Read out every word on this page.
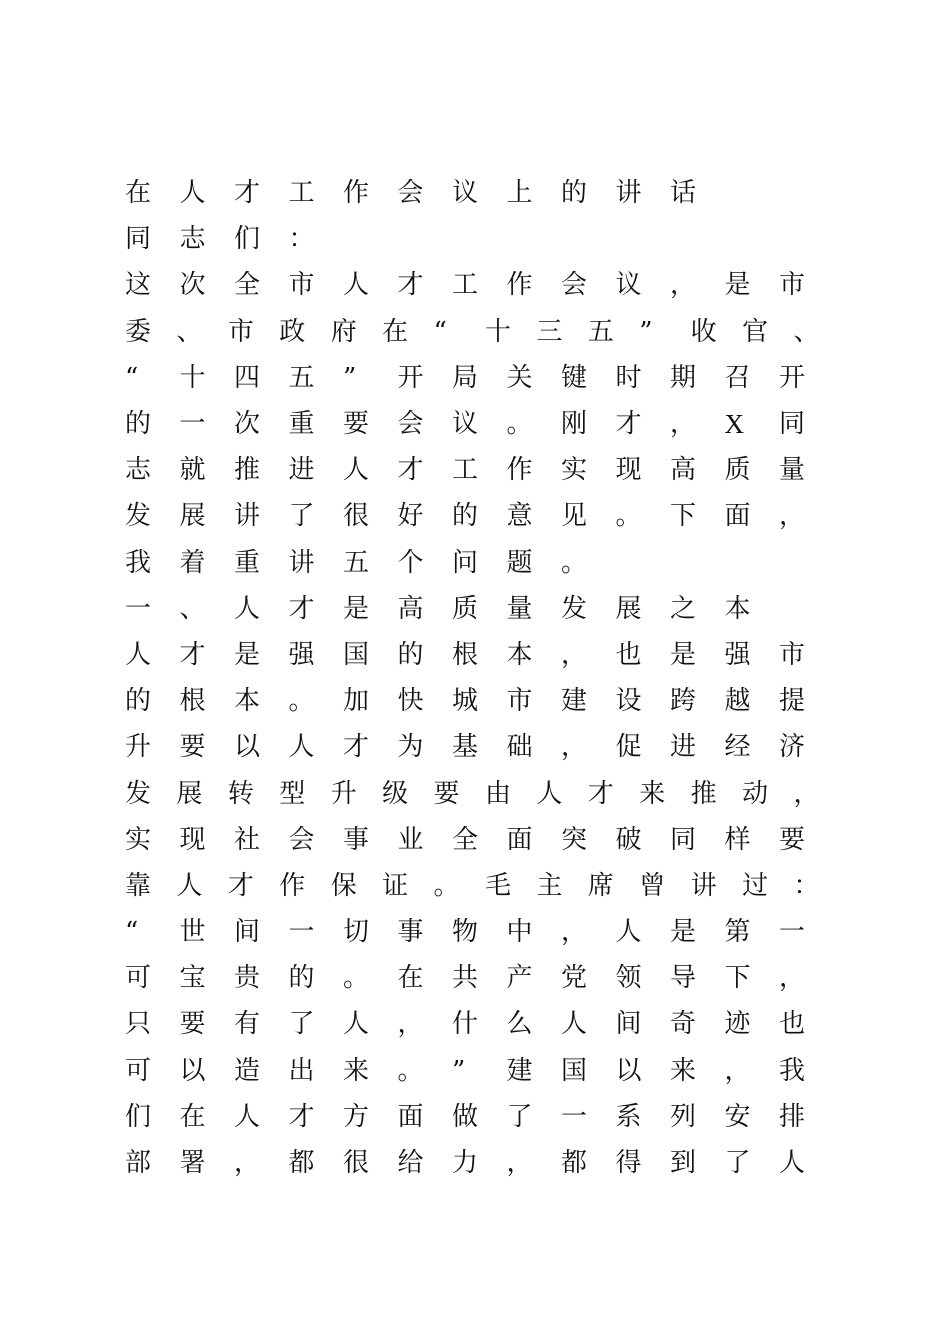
在	人	才	工	作	会	议	上	的	讲	话
同	志	们	：
这	次	全	市	人	才	工	作	会	议	，	是	市
委 、 市 政 府 在 “	十 三 五 ”	收 官 、
“	十	四	五	”	开	局	关	键	时	期	召	开
的	一	次	重	要	会	议	。	刚	才	，	X	同
志	就	推	进	人	才	工	作	实	现	高	质	量
发	展	讲	了	很	好	的	意	见	。	下	面	，
我	着	重	讲	五	个	问	题	。
一	、	人	才	是	高	质	量	发	展	之	本
人	才	是	强	国	的	根	本	，	也	是	强	市
的	根	本	。	加	快	城	市	建	设	跨	越	提
升	要	以	人	才	为	基	础	，	促	进	经	济
发 展 转 型 升 级 要 由 人 才 来 推 动 ，
实	现	社	会	事	业	全	面	突	破	同	样	要
靠 人 才 作 保 证 。 毛 主 席 曾 讲 过 ：
“	世	间	一	切	事	物	中	，	人	是	第	一
可	宝	贵	的	。	在	共	产	党	领	导	下	，
只	要	有	了	人	，	什	么	人	间	奇	迹	也
可	以	造	出	来	。	”	建	国	以	来	，	我
们	在	人	才	方	面	做	了	一	系	列	安	排
部	署	，	都	很	给	力	，	都	得	到	了	人
